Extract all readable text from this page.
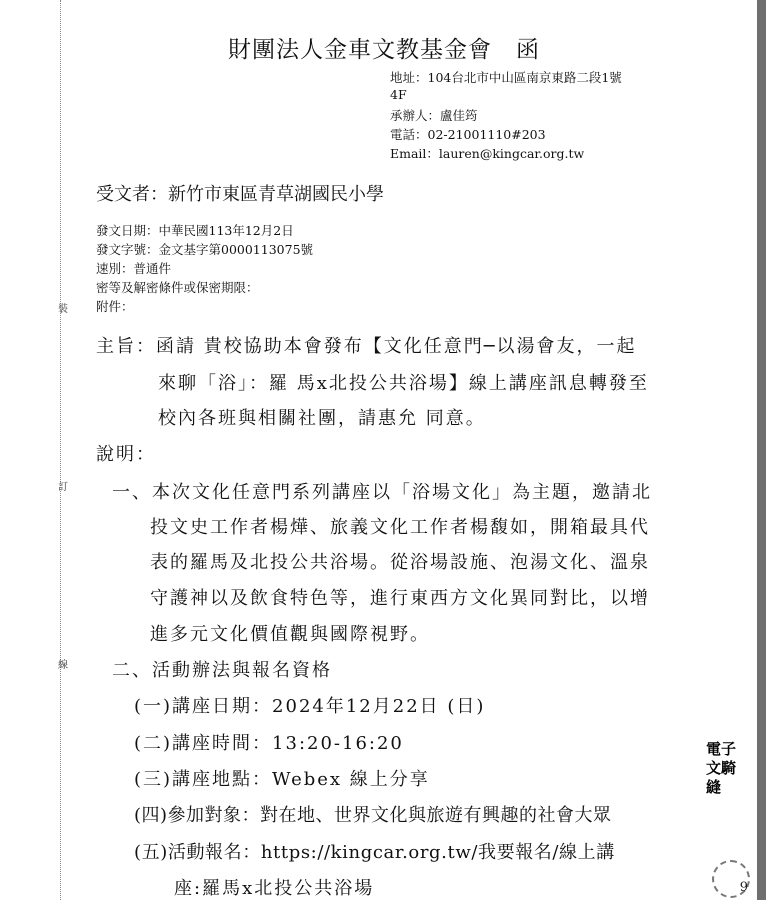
裝
訂
線
財團法人金車文教基金會　函
地址：104台北市中山區南京東路二段1號
4F
承辦人：盧佳筠
電話：02-21001110#203
Email：lauren@kingcar.org.tw
受文者：新竹市東區青草湖國民小學
發文日期：中華民國113年12月2日
發文字號：金文基字第0000113075號
速別：普通件
密等及解密條件或保密期限：
附件：
主旨：函請 貴校協助本會發布【文化任意門─以湯會友，一起
來聊「浴」：羅 馬x北投公共浴場】線上講座訊息轉發至
校內各班與相關社團，請惠允 同意。
說明：
一、本次文化任意門系列講座以「浴場文化」為主題，邀請北
投文史工作者楊燁、旅義文化工作者楊馥如，開箱最具代
表的羅馬及北投公共浴場。從浴場設施、泡湯文化、溫泉
守護神以及飲食特色等，進行東西方文化異同對比，以增
進多元文化價值觀與國際視野。
二、活動辦法與報名資格
(一)講座日期：2024年12月22日 (日)
(二)講座時間：13:20-16:20
(三)講座地點：Webex 線上分享
(四)參加對象：對在地、世界文化與旅遊有興趣的社會大眾
(五)活動報名：https://kingcar.org.tw/我要報名/線上講
座:羅馬x北投公共浴場
電子文騎縫
9
